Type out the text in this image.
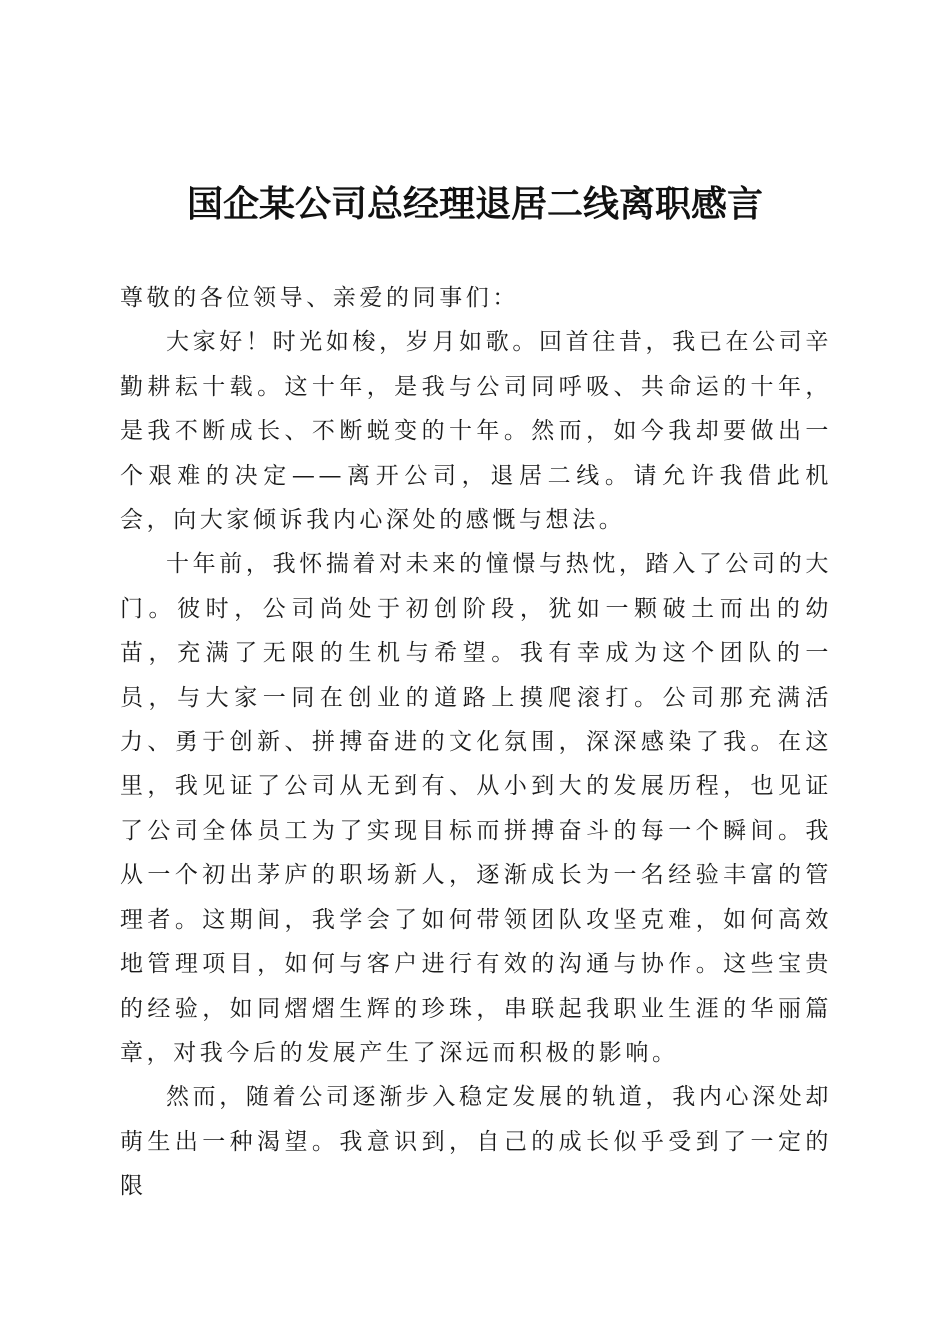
国企某公司总经理退居二线离职感言

尊敬的各位领导、亲爱的同事们：

大家好！时光如梭，岁月如歌。回首往昔，我已在公司辛勤耕耘十载。这十年，是我与公司同呼吸、共命运的十年，是我不断成长、不断蜕变的十年。然而，如今我却要做出一个艰难的决定——离开公司，退居二线。请允许我借此机会，向大家倾诉我内心深处的感慨与想法。

十年前，我怀揣着对未来的憧憬与热忱，踏入了公司的大门。彼时，公司尚处于初创阶段，犹如一颗破土而出的幼苗，充满了无限的生机与希望。我有幸成为这个团队的一员，与大家一同在创业的道路上摸爬滚打。公司那充满活力、勇于创新、拼搏奋进的文化氛围，深深感染了我。在这里，我见证了公司从无到有、从小到大的发展历程，也见证了公司全体员工为了实现目标而拼搏奋斗的每一个瞬间。我从一个初出茅庐的职场新人，逐渐成长为一名经验丰富的管理者。这期间，我学会了如何带领团队攻坚克难，如何高效地管理项目，如何与客户进行有效的沟通与协作。这些宝贵的经验，如同熠熠生辉的珍珠，串联起我职业生涯的华丽篇章，对我今后的发展产生了深远而积极的影响。

然而，随着公司逐渐步入稳定发展的轨道，我内心深处却萌生出一种渴望。我意识到，自己的成长似乎受到了一定的限
